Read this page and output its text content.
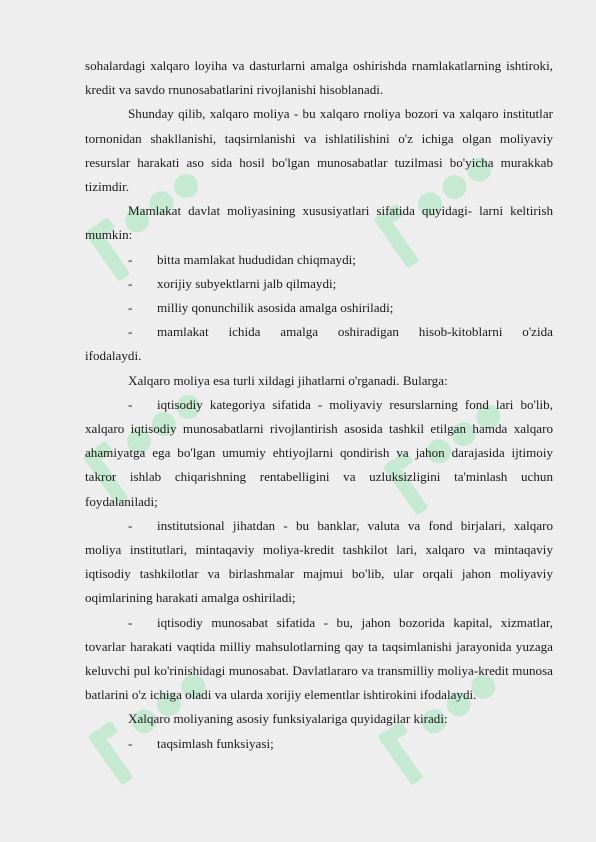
sohalardagi xalqaro loyiha va dasturlarni amalga oshirishda rnamlakatlarning ishtiroki, kredit va savdo rnunosabatlarini rivojlanishi hisoblanadi.

Shunday qilib, xalqaro moliya - bu xalqaro rnoliya bozori va xalqaro institutlar tornonidan shakllanishi, taqsirnlanishi va ishlatilishini o'z ichiga olgan moliyaviy resurslar harakati aso sida hosil bo'lgan munosabatlar tuzilmasi bo'yicha murakkab tizimdir.

Mamlakat davlat moliyasining xususiyatlari sifatida quyidagi- larni keltirish mumkin:

-	bitta mamlakat hududidan chiqmaydi;
-	xorijiy subyektlarni jalb qilmaydi;
-	milliy qonunchilik asosida amalga oshiriladi;
-	mamlakat ichida amalga oshiradigan hisob-kitoblarni o'zida

ifodalaydi.

Xalqaro moliya esa turli xildagi jihatlarni o'rganadi. Bularga:

-	iqtisodiy kategoriya sifatida - moliyaviy resurslarning fond lari bo'lib,

xalqaro iqtisodiy munosabatlarni rivojlantirish asosida tashkil etilgan hamda xalqaro ahamiyatga ega bo'lgan umumiy ehtiyojlarni qondirish va jahon darajasida ijtimoiy takror ishlab chiqarishning rentabelligini va uzluksizligini ta'minlash uchun foydalaniladi;

-	institutsional jihatdan - bu banklar, valuta va fond birjalari, xalqaro

moliya institutlari, mintaqaviy moliya-kredit tashkilot lari, xalqaro va mintaqaviy iqtisodiy tashkilotlar va birlashmalar majmui bo'lib, ular orqali jahon moliyaviy oqimlarining harakati amalga oshiriladi;

-	iqtisodiy munosabat sifatida - bu, jahon bozorida kapital, xizmatlar,

tovarlar harakati vaqtida milliy mahsulotlarning qay ta taqsimlanishi jarayonida yuzaga keluvchi pul ko'rinishidagi munosabat. Davlatlararo va transmilliy moliya-kredit munosa batlarini o'z ichiga oladi va ularda xorijiy elementlar ishtirokini ifodalaydi.

Xalqaro moliyaning asosiy funksiyalariga quyidagilar kiradi:

-	taqsimlash funksiyasi;
